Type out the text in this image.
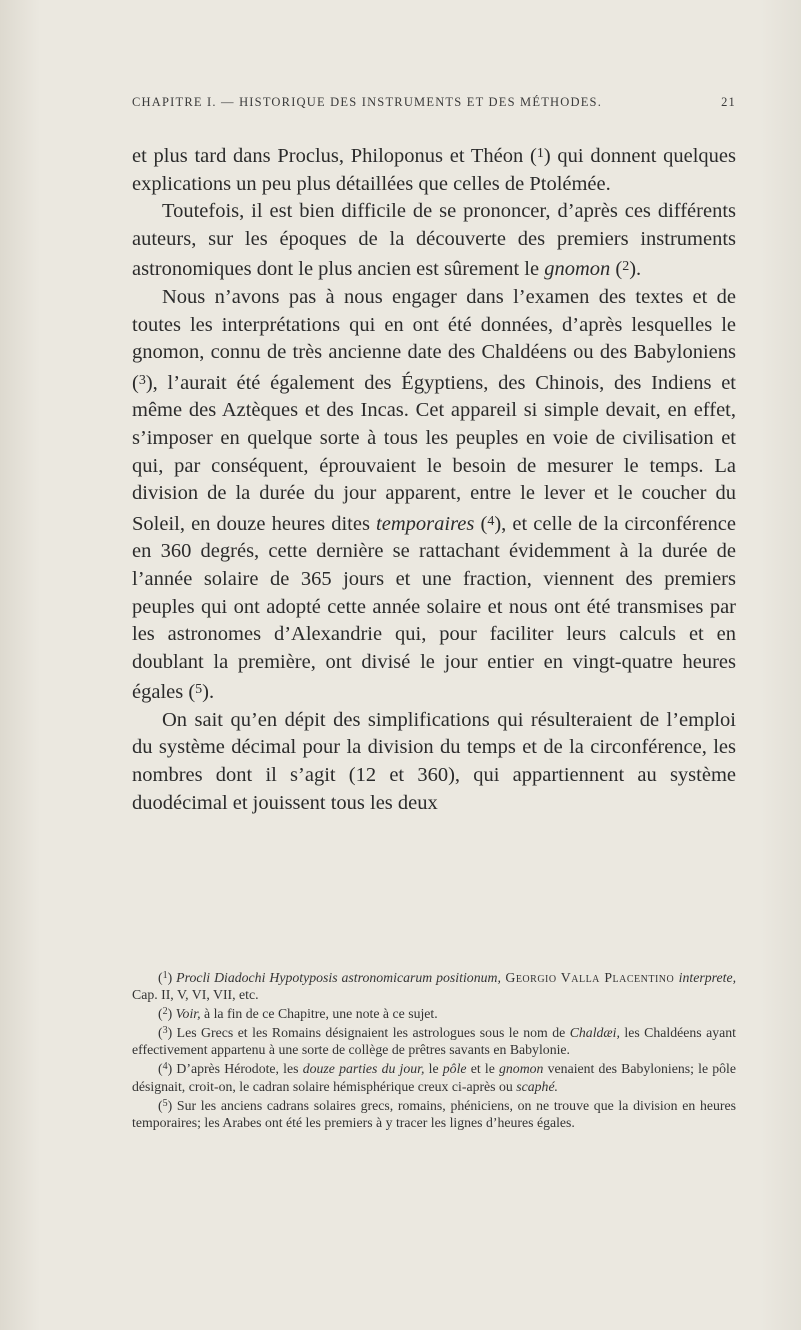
CHAPITRE I. — HISTORIQUE DES INSTRUMENTS ET DES MÉTHODES.	21

et plus tard dans Proclus, Philoponus et Théon ($^1$) qui donnent quelques explications un peu plus détaillées que celles de Ptolémée.

Toutefois, il est bien difficile de se prononcer, d’après ces différents auteurs, sur les époques de la découverte des premiers instruments astronomiques dont le plus ancien est sûrement le gnomon ($^2$).

Nous n’avons pas à nous engager dans l’examen des textes et de toutes les interprétations qui en ont été données, d’après lesquelles le gnomon, connu de très ancienne date des Chaldéens ou des Babyloniens ($^3$), l’aurait été également des Égyptiens, des Chinois, des Indiens et même des Aztèques et des Incas. Cet appareil si simple devait, en effet, s’imposer en quelque sorte à tous les peuples en voie de civilisation et qui, par conséquent, éprouvaient le besoin de mesurer le temps. La division de la durée du jour apparent, entre le lever et le coucher du Soleil, en douze heures dites temporaires ($^4$), et celle de la circonférence en 360 degrés, cette dernière se rattachant évidemment à la durée de l’année solaire de 365 jours et une fraction, viennent des premiers peuples qui ont adopté cette année solaire et nous ont été transmises par les astronomes d’Alexandrie qui, pour faciliter leurs calculs et en doublant la première, ont divisé le jour entier en vingt-quatre heures égales ($^5$).

On sait qu’en dépit des simplifications qui résulteraient de l’emploi du système décimal pour la division du temps et de la circonférence, les nombres dont il s’agit (12 et 360), qui appartiennent au système duodécimal et jouissent tous les deux

($^1$) Procli Diadochi Hypotyposis astronomicarum positionum, Georgio Valla Placentino interprete, Cap. II, V, VI, VII, etc.

($^2$) Voir, à la fin de ce Chapitre, une note à ce sujet.

($^3$) Les Grecs et les Romains désignaient les astrologues sous le nom de Chaldæi, les Chaldéens ayant effectivement appartenu à une sorte de collège de prêtres savants en Babylonie.

($^4$) D’après Hérodote, les douze parties du jour, le pôle et le gnomon venaient des Babyloniens; le pôle désignait, croit-on, le cadran solaire hémisphérique creux ci-après ou scaphé.

($^5$) Sur les anciens cadrans solaires grecs, romains, phéniciens, on ne trouve que la division en heures temporaires; les Arabes ont été les premiers à y tracer les lignes d’heures égales.
